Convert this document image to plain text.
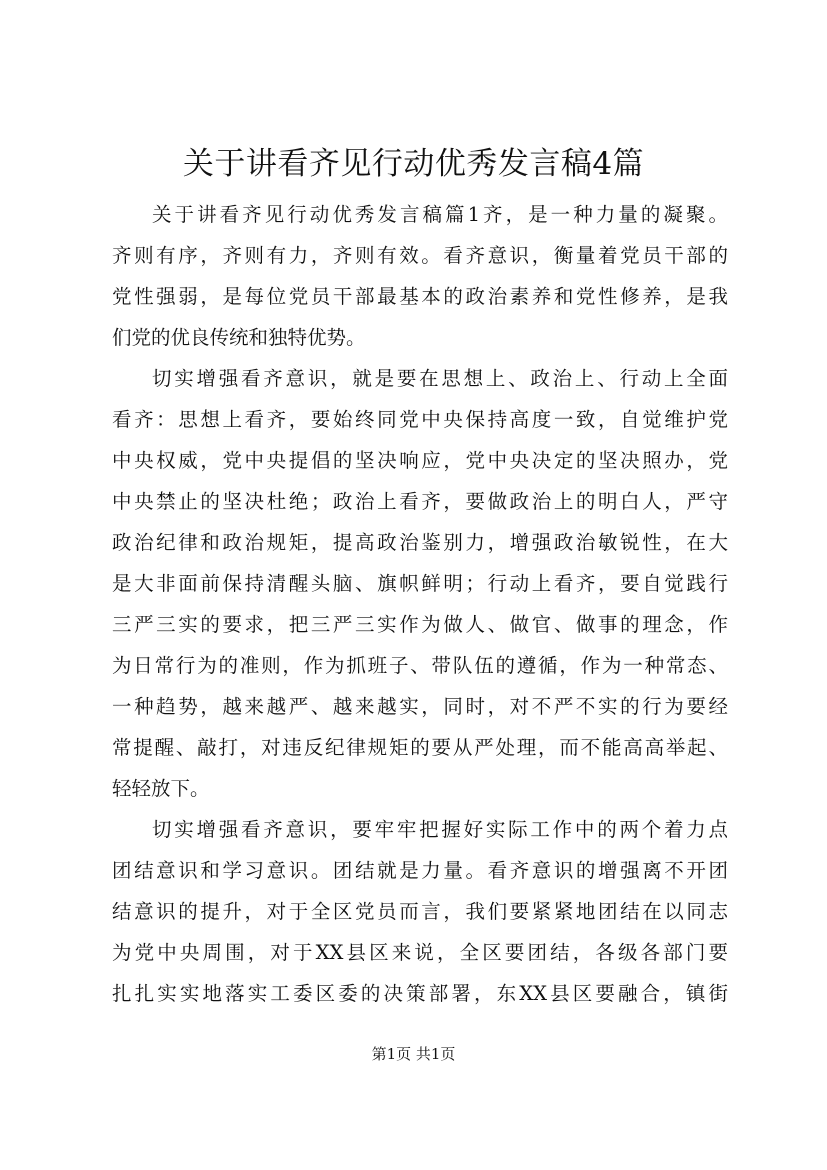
关于讲看齐见行动优秀发言稿4篇
关于讲看齐见行动优秀发言稿篇1齐，是一种力量的凝聚。
齐则有序，齐则有力，齐则有效。看齐意识，衡量着党员干部的
党性强弱，是每位党员干部最基本的政治素养和党性修养，是我
们党的优良传统和独特优势。
切实增强看齐意识，就是要在思想上、政治上、行动上全面
看齐：思想上看齐，要始终同党中央保持高度一致，自觉维护党
中央权威，党中央提倡的坚决响应，党中央决定的坚决照办，党
中央禁止的坚决杜绝；政治上看齐，要做政治上的明白人，严守
政治纪律和政治规矩，提高政治鉴别力，增强政治敏锐性，在大
是大非面前保持清醒头脑、旗帜鲜明；行动上看齐，要自觉践行
三严三实的要求，把三严三实作为做人、做官、做事的理念，作
为日常行为的准则，作为抓班子、带队伍的遵循，作为一种常态、
一种趋势，越来越严、越来越实，同时，对不严不实的行为要经
常提醒、敲打，对违反纪律规矩的要从严处理，而不能高高举起、
轻轻放下。
切实增强看齐意识，要牢牢把握好实际工作中的两个着力点
团结意识和学习意识。团结就是力量。看齐意识的增强离不开团
结意识的提升，对于全区党员而言，我们要紧紧地团结在以同志
为党中央周围，对于XX县区来说，全区要团结，各级各部门要
扎扎实实地落实工委区委的决策部署，东XX县区要融合，镇街
第1页 共1页
